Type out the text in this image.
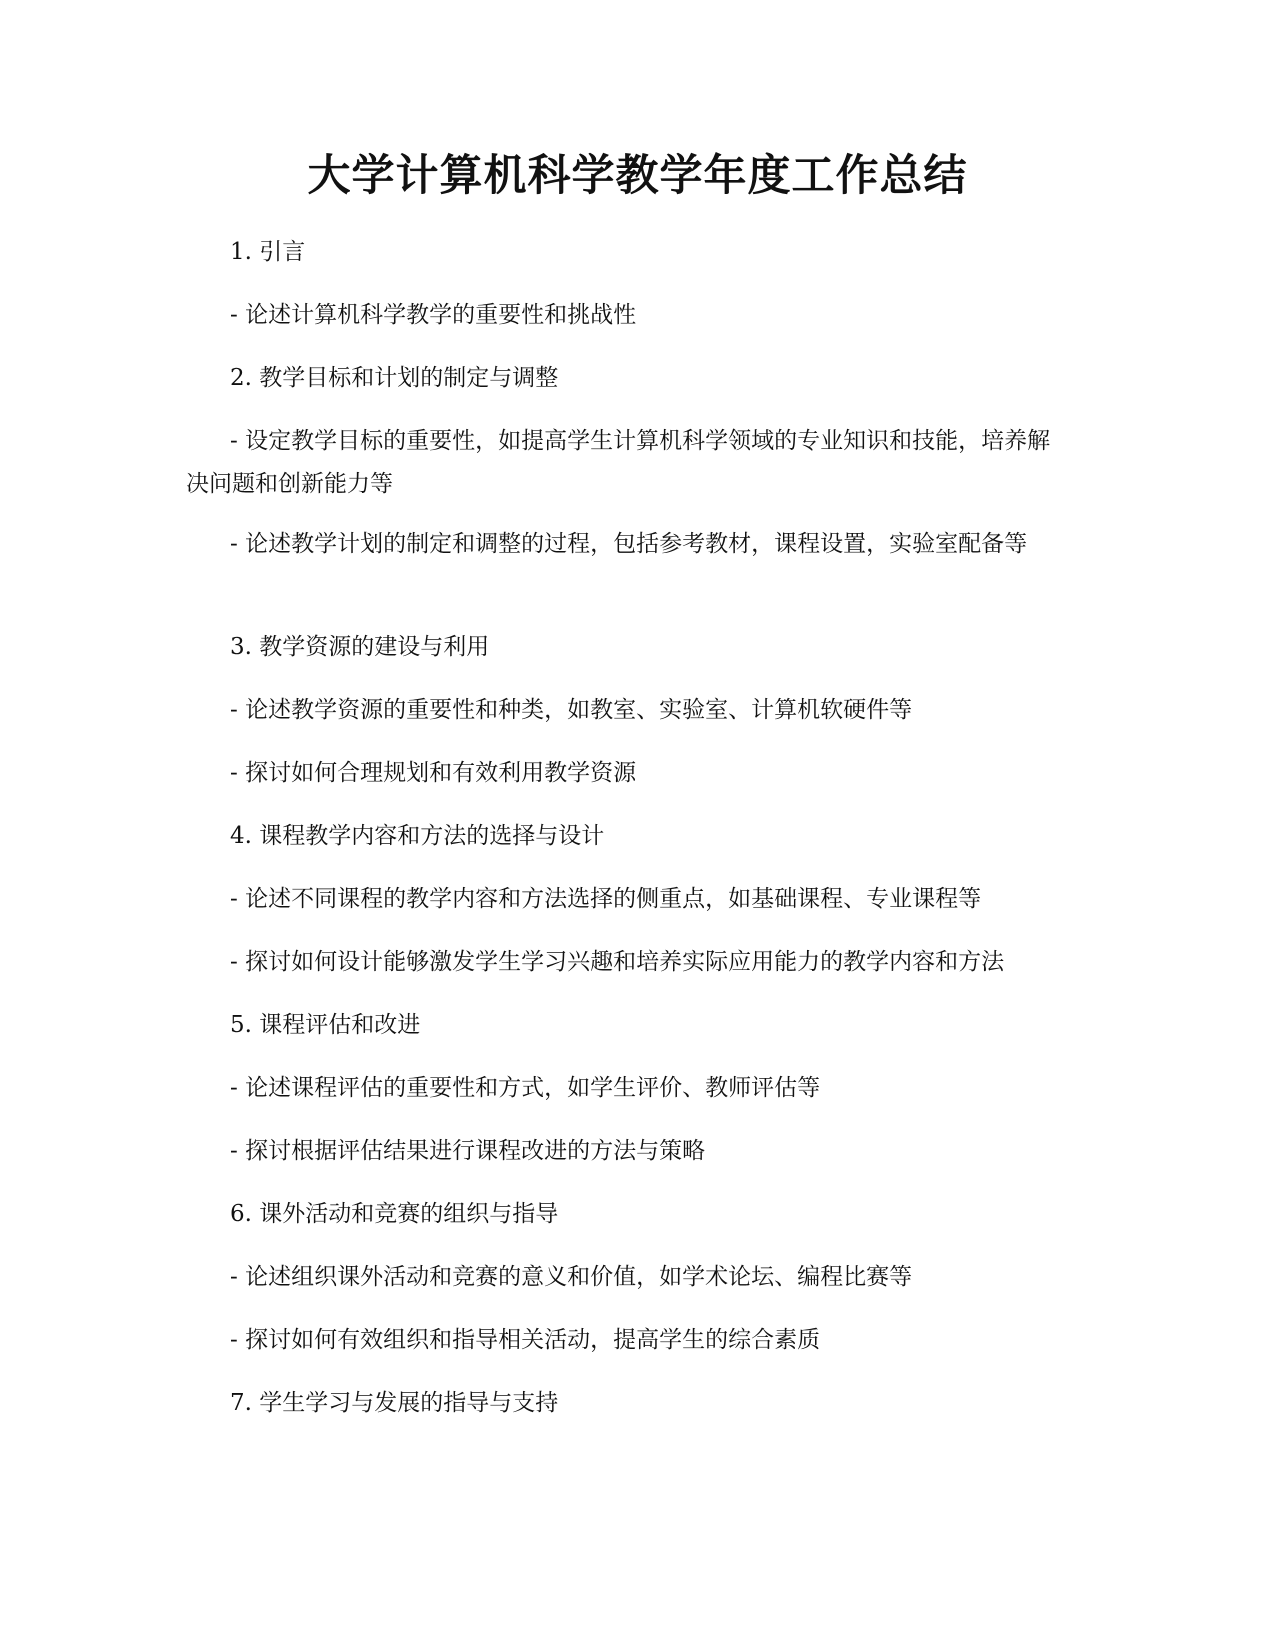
大学计算机科学教学年度工作总结

1. 引言

- 论述计算机科学教学的重要性和挑战性

2. 教学目标和计划的制定与调整

- 设定教学目标的重要性，如提高学生计算机科学领域的专业知识和技能，培养解决问题和创新能力等

- 论述教学计划的制定和调整的过程，包括参考教材，课程设置，实验室配备等

3. 教学资源的建设与利用

- 论述教学资源的重要性和种类，如教室、实验室、计算机软硬件等

- 探讨如何合理规划和有效利用教学资源

4. 课程教学内容和方法的选择与设计

- 论述不同课程的教学内容和方法选择的侧重点，如基础课程、专业课程等

- 探讨如何设计能够激发学生学习兴趣和培养实际应用能力的教学内容和方法

5. 课程评估和改进

- 论述课程评估的重要性和方式，如学生评价、教师评估等

- 探讨根据评估结果进行课程改进的方法与策略

6. 课外活动和竞赛的组织与指导

- 论述组织课外活动和竞赛的意义和价值，如学术论坛、编程比赛等

- 探讨如何有效组织和指导相关活动，提高学生的综合素质

7. 学生学习与发展的指导与支持
